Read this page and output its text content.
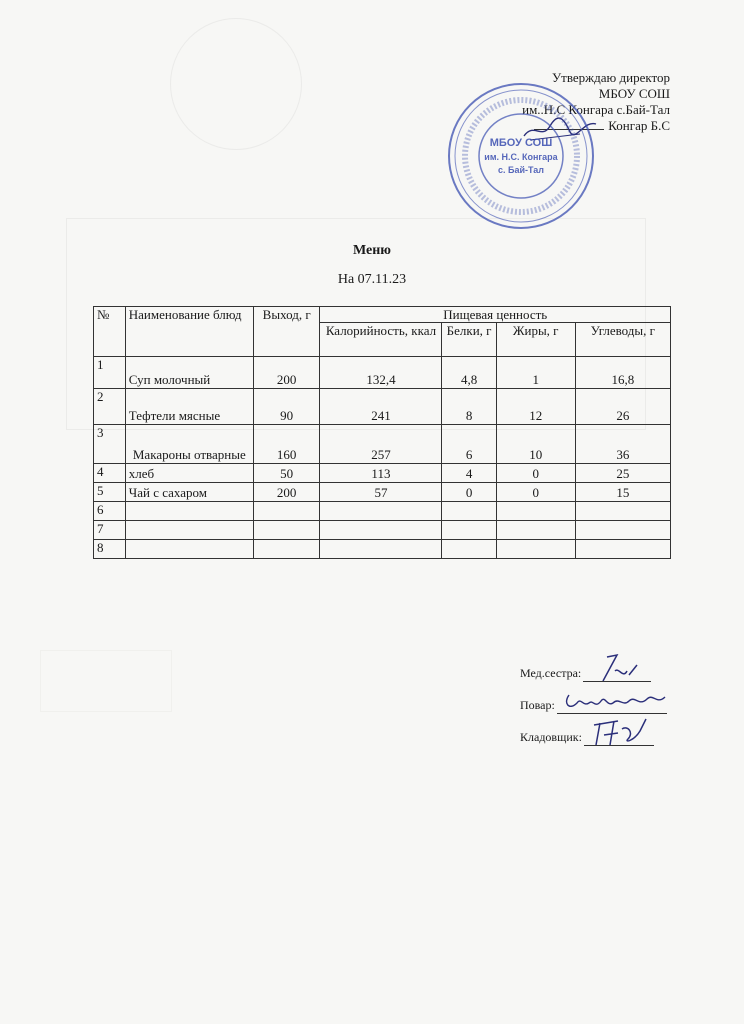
Утверждаю директор
МБОУ СОШ
им..Н.С Конгара с.Бай-Тал
Конгар Б.С
МБОУ СОШ
им. Н.С. Конгара
с. Бай-Тал
Меню
На 07.11.23
№	Наименование блюд	Выход, г	Пищевая ценность			
			Калорийность, ккал	Белки, г	Жиры, г	Углеводы, г
1	Суп молочный	200	132,4	4,8	1	16,8
2	Тефтели мясные	90	241	8	12	26
3	Макароны отварные	160	257	6	10	36
4	хлеб	50	113	4	0	25
5	Чай с сахаром	200	57	0	0	15
6						
7						
8						
Мед.сестра:
Повар:
Кладовщик:
